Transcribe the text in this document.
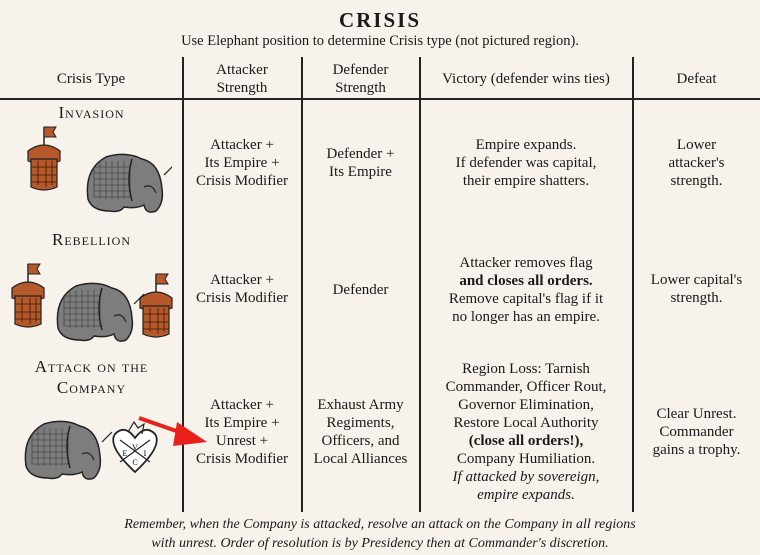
CRISIS
Use Elephant position to determine Crisis type (not pictured region).
Crisis Type
Attacker Strength
Defender Strength
Victory (defender wins ties)	Defeat
Invasion
Attacker +
Its Empire +
Crisis Modifier
Defender +
Its Empire
Empire expands.
If defender was capital,
their empire shatters.
Lower
attacker's
strength.
Rebellion
Attacker +
Crisis Modifier	Defender
Attacker removes flag
and closes all orders.
Remove capital's flag if it
no longer has an empire.
Lower capital's
strength.
Attack on the
Company
V
E I
C
Attacker +
Its Empire +
Unrest +
Crisis Modifier
Exhaust Army
Regiments,
Officers, and
Local Alliances
Region Loss: Tarnish
Commander, Officer Rout,
Governor Elimination,
Restore Local Authority
(close all orders!),
Company Humiliation.
If attacked by sovereign,
empire expands.
Clear Unrest.
Commander
gains a trophy.
Remember, when the Company is attacked, resolve an attack on the Company in all regions
with unrest. Order of resolution is by Presidency then at Commander's discretion.
